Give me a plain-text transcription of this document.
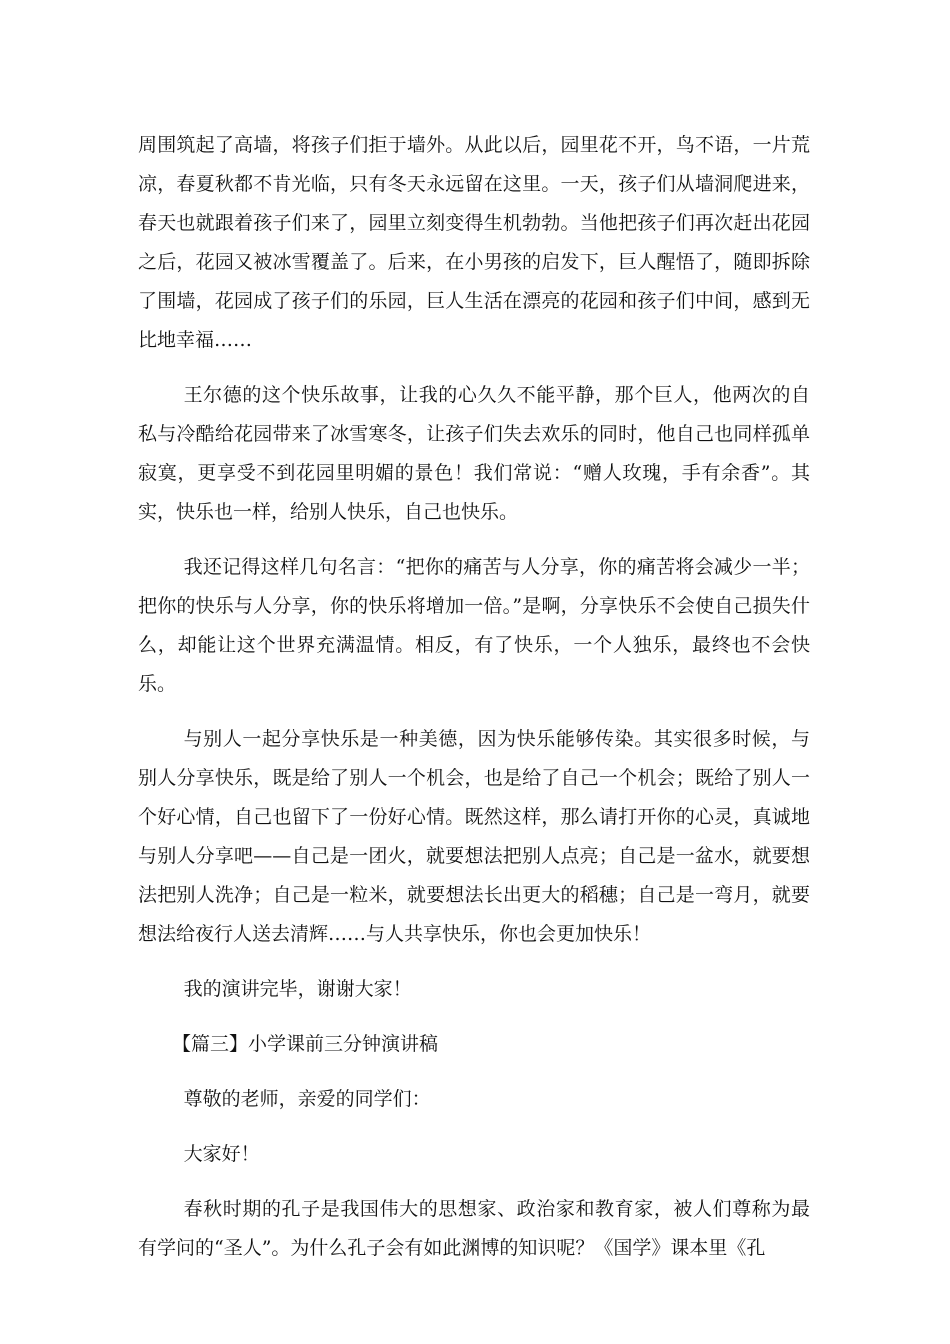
周围筑起了高墙，将孩子们拒于墙外。从此以后，园里花不开，鸟不语，一片荒凉，春夏秋都不肯光临，只有冬天永远留在这里。一天，孩子们从墙洞爬进来，春天也就跟着孩子们来了，园里立刻变得生机勃勃。当他把孩子们再次赶出花园之后，花园又被冰雪覆盖了。后来，在小男孩的启发下，巨人醒悟了，随即拆除了围墙，花园成了孩子们的乐园，巨人生活在漂亮的花园和孩子们中间，感到无比地幸福……

王尔德的这个快乐故事，让我的心久久不能平静，那个巨人，他两次的自私与冷酷给花园带来了冰雪寒冬，让孩子们失去欢乐的同时，他自己也同样孤单寂寞，更享受不到花园里明媚的景色！我们常说：“赠人玫瑰，手有余香”。其实，快乐也一样，给别人快乐，自己也快乐。

我还记得这样几句名言：“把你的痛苦与人分享，你的痛苦将会减少一半；把你的快乐与人分享，你的快乐将增加一倍。”是啊，分享快乐不会使自己损失什么，却能让这个世界充满温情。相反，有了快乐，一个人独乐，最终也不会快乐。

与别人一起分享快乐是一种美德，因为快乐能够传染。其实很多时候，与别人分享快乐，既是给了别人一个机会，也是给了自己一个机会；既给了别人一个好心情，自己也留下了一份好心情。既然这样，那么请打开你的心灵，真诚地与别人分享吧——自己是一团火，就要想法把别人点亮；自己是一盆水，就要想法把别人洗净；自己是一粒米，就要想法长出更大的稻穗；自己是一弯月，就要想法给夜行人送去清辉……与人共享快乐，你也会更加快乐！

我的演讲完毕，谢谢大家！

【篇三】小学课前三分钟演讲稿

尊敬的老师，亲爱的同学们：

大家好！

春秋时期的孔子是我国伟大的思想家、政治家和教育家，被人们尊称为最有学问的“圣人”。为什么孔子会有如此渊博的知识呢？《国学》课本里《孔
